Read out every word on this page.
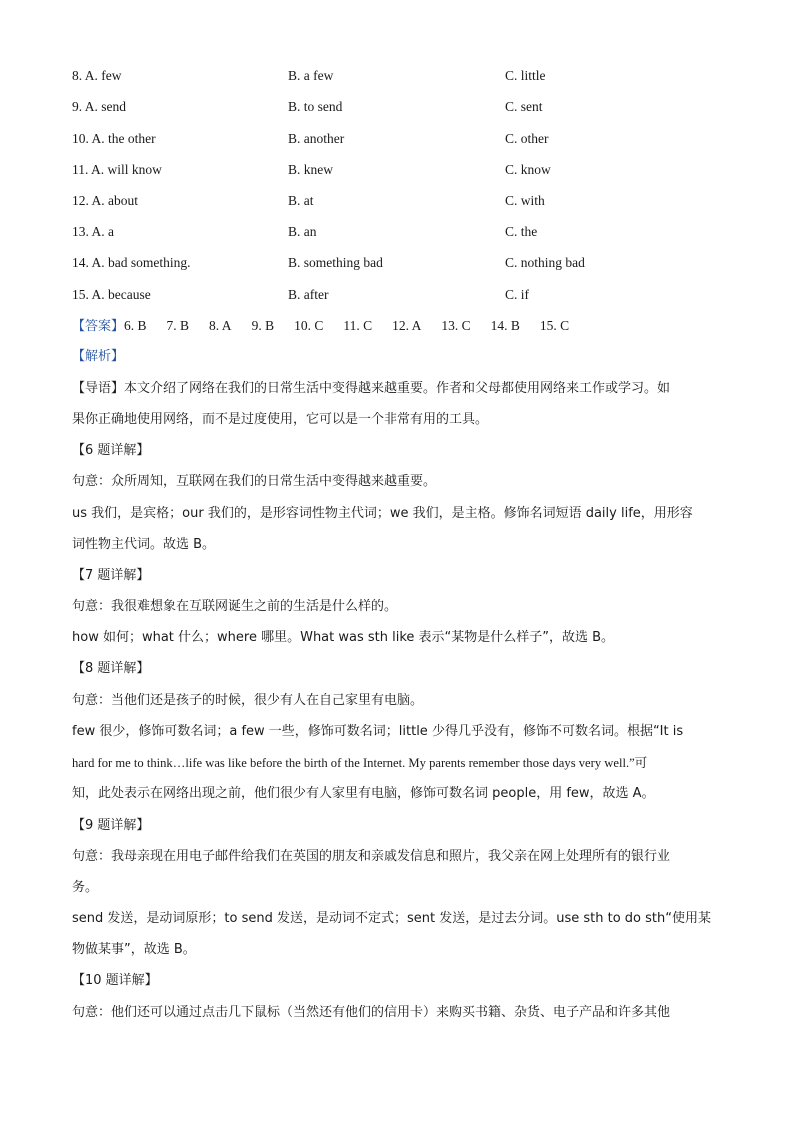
8. A. few	B. a few	C. little
9. A. send	B. to send	C. sent
10. A. the other	B. another	C. other
11. A. will know	B. knew	C. know
12. A. about	B. at	C. with
13. A. a	B. an	C. the
14. A. bad something.	B. something bad	C. nothing bad
15. A. because	B. after	C. if
【答案】6. B 7. B 8. A 9. B 10. C 11. C 12. A 13. C 14. B 15. C
【解析】
【导语】本文介绍了网络在我们的日常生活中变得越来越重要。作者和父母都使用网络来工作或学习。如
果你正确地使用网络，而不是过度使用，它可以是一个非常有用的工具。
【6 题详解】
句意：众所周知，互联网在我们的日常生活中变得越来越重要。
us 我们，是宾格；our 我们的，是形容词性物主代词；we 我们，是主格。修饰名词短语 daily life，用形容
词性物主代词。故选 B。
【7 题详解】
句意：我很难想象在互联网诞生之前的生活是什么样的。
how 如何；what 什么；where 哪里。What was sth like 表示“某物是什么样子”，故选 B。
【8 题详解】
句意：当他们还是孩子的时候，很少有人在自己家里有电脑。
few 很少，修饰可数名词；a few 一些，修饰可数名词；little 少得几乎没有，修饰不可数名词。根据“It is
hard for me to think…life was like before the birth of the Internet. My parents remember those days very well.”可
知，此处表示在网络出现之前，他们很少有人家里有电脑，修饰可数名词 people，用 few，故选 A。
【9 题详解】
句意：我母亲现在用电子邮件给我们在英国的朋友和亲戚发信息和照片，我父亲在网上处理所有的银行业
务。
send 发送，是动词原形；to send 发送，是动词不定式；sent 发送，是过去分词。use sth to do sth“使用某
物做某事”，故选 B。
【10 题详解】
句意：他们还可以通过点击几下鼠标（当然还有他们的信用卡）来购买书籍、杂货、电子产品和许多其他
